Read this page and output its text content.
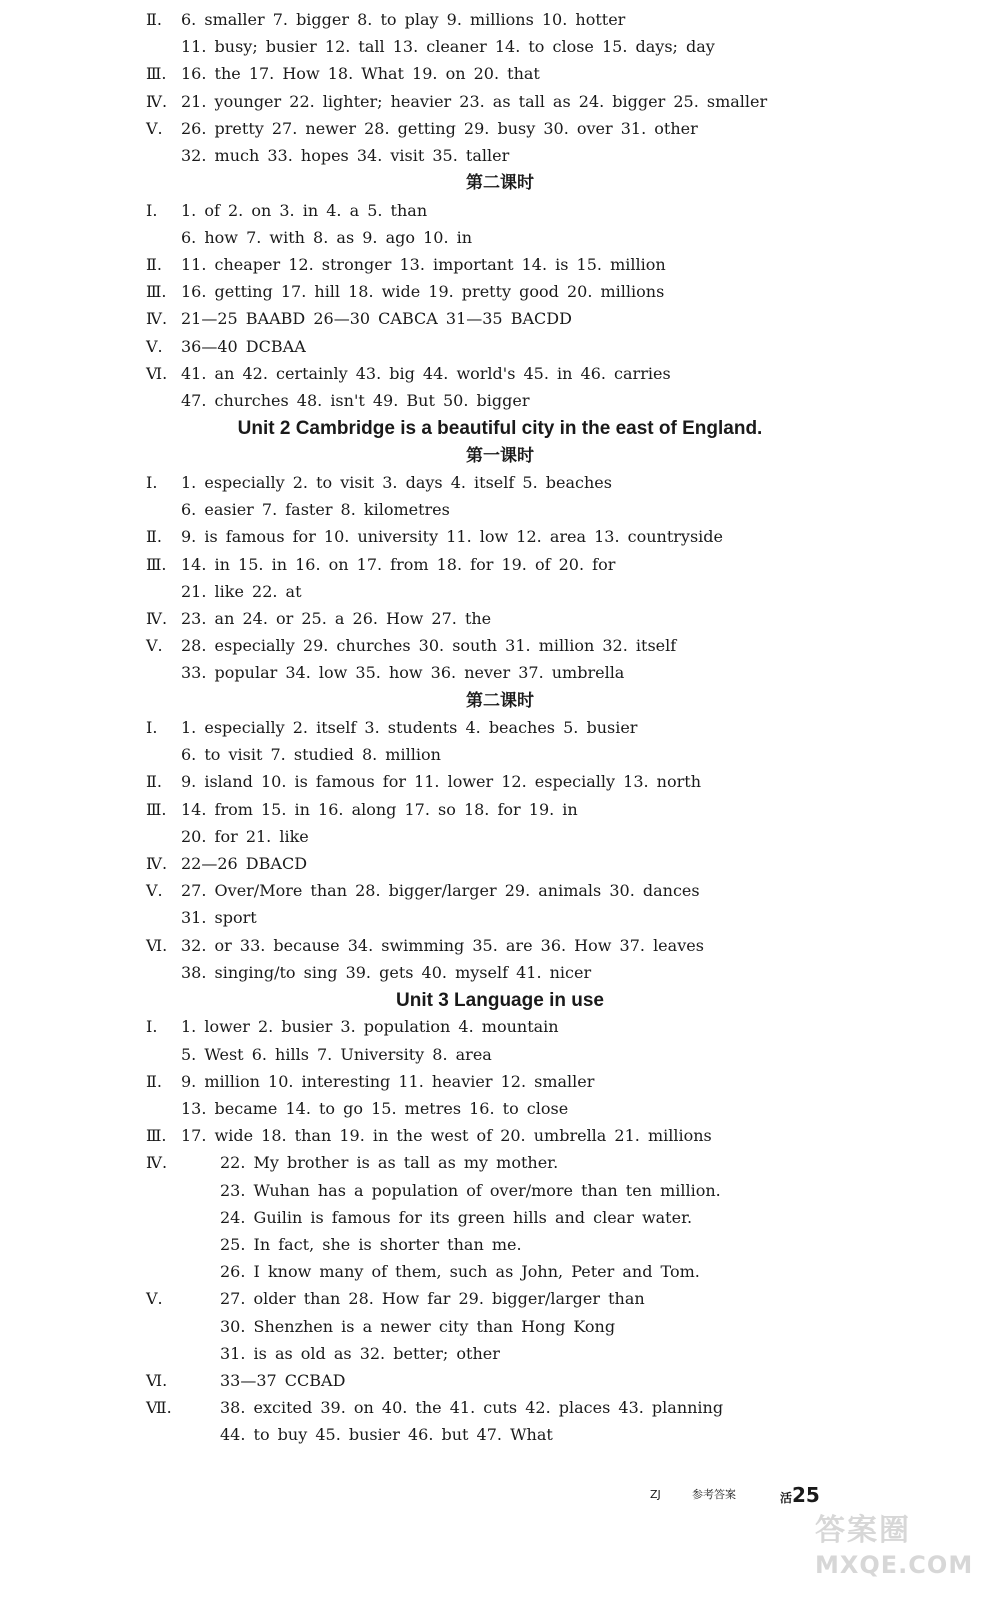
Ⅱ.	6. smaller 7. bigger 8. to play 9. millions 10. hotter
11. busy; busier 12. tall 13. cleaner 14. to close 15. days; day
Ⅲ. 16. the 17. How 18. What 19. on 20. that
Ⅳ. 21. younger 22. lighter; heavier 23. as tall as 24. bigger 25. smaller
Ⅴ.	26. pretty 27. newer 28. getting 29. busy 30. over 31. other
32. much 33. hopes 34. visit 35. taller
第二课时
Ⅰ.	1. of 2. on 3. in 4. a 5. than
6. how 7. with 8. as 9. ago 10. in
Ⅱ.	11. cheaper 12. stronger 13. important 14. is 15. million
Ⅲ. 16. getting 17. hill 18. wide 19. pretty good 20. millions
Ⅳ. 21—25 BAABD 26—30 CABCA 31—35 BACDD
Ⅴ.	36—40 DCBAA
Ⅵ. 41. an 42. certainly 43. big 44. world's 45. in 46. carries
47. churches 48. isn't 49. But 50. bigger
Unit 2 Cambridge is a beautiful city in the east of England.
第一课时
Ⅰ.	1. especially 2. to visit 3. days 4. itself 5. beaches
6. easier 7. faster 8. kilometres
Ⅱ.	9. is famous for 10. university 11. low 12. area 13. countryside
Ⅲ. 14. in 15. in 16. on 17. from 18. for 19. of 20. for
21. like 22. at
Ⅳ. 23. an 24. or 25. a 26. How 27. the
Ⅴ.	28. especially 29. churches 30. south 31. million 32. itself
33. popular 34. low 35. how 36. never 37. umbrella
第二课时
Ⅰ.	1. especially 2. itself 3. students 4. beaches 5. busier
6. to visit 7. studied 8. million
Ⅱ.	9. island 10. is famous for 11. lower 12. especially 13. north
Ⅲ. 14. from 15. in 16. along 17. so 18. for 19. in
20. for 21. like
Ⅳ. 22—26 DBACD
Ⅴ.	27. Over/More than 28. bigger/larger 29. animals 30. dances
31. sport
Ⅵ. 32. or 33. because 34. swimming 35. are 36. How 37. leaves
38. singing/to sing 39. gets 40. myself 41. nicer
Unit 3 Language in use
Ⅰ.	1. lower 2. busier 3. population 4. mountain
5. West 6. hills 7. University 8. area
Ⅱ.	9. million 10. interesting 11. heavier 12. smaller
13. became 14. to go 15. metres 16. to close
Ⅲ. 17. wide 18. than 19. in the west of 20. umbrella 21. millions
Ⅳ.	22. My brother is as tall as my mother.
23. Wuhan has a population of over/more than ten million.
24. Guilin is famous for its green hills and clear water.
25. In fact, she is shorter than me.
26. I know many of them, such as John, Peter and Tom.
Ⅴ.	27. older than 28. How far 29. bigger/larger than
30. Shenzhen is a newer city than Hong Kong
31. is as old as 32. better; other
Ⅵ.	33—37 CCBAD
Ⅶ.	38. excited 39. on 40. the 41. cuts 42. places 43. planning
44. to buy 45. busier 46. but 47. What
ZJ	参考答案	活25
答案圈
MXQE.COM
